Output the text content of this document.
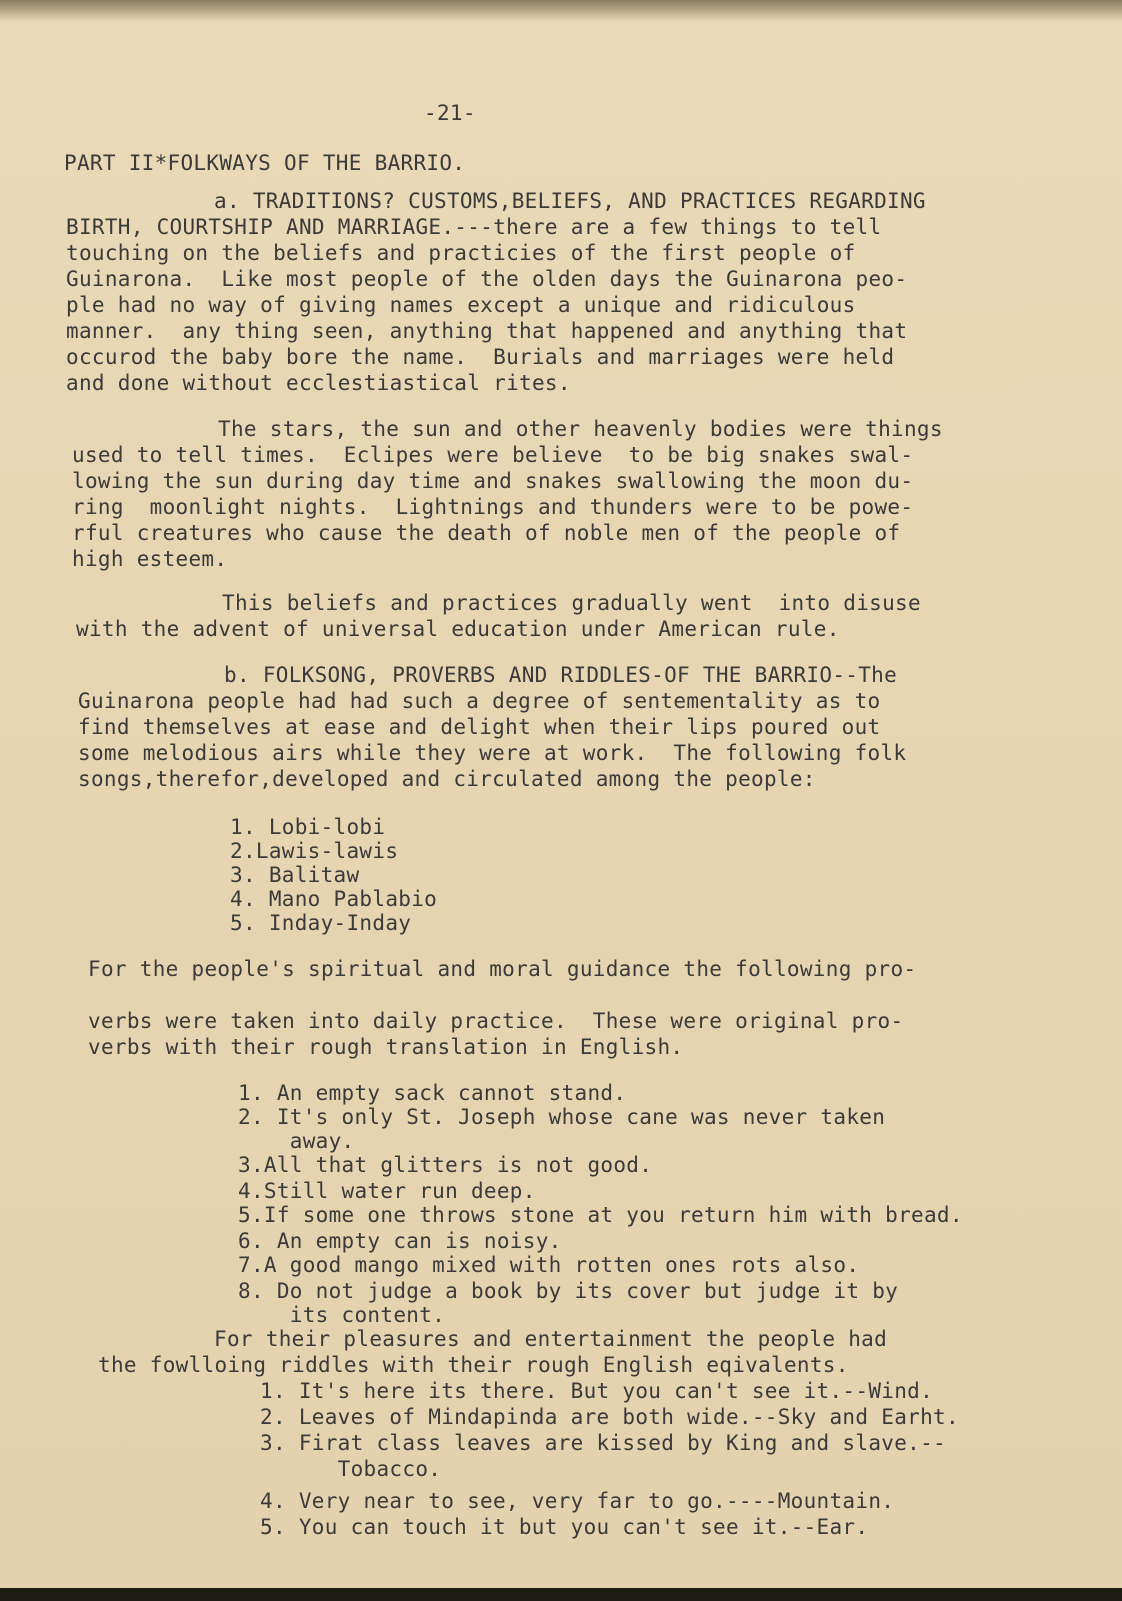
-21-
PART II*FOLKWAYS OF THE BARRIO.
a. TRADITIONS? CUSTOMS,BELIEFS, AND PRACTICES REGARDING
BIRTH, COURTSHIP AND MARRIAGE.---there are a few things to tell
touching on the beliefs and practicies of the first people of
Guinarona.  Like most people of the olden days the Guinarona peo-
ple had no way of giving names except a unique and ridiculous
manner.  any thing seen, anything that happened and anything that
occurod the baby bore the name.  Burials and marriages were held
and done without ecclestiastical rites.
The stars, the sun and other heavenly bodies were things
used to tell times.  Eclipes were believe  to be big snakes swal-
lowing the sun during day time and snakes swallowing the moon du-
ring  moonlight nights.  Lightnings and thunders were to be powe-
rful creatures who cause the death of noble men of the people of
high esteem.
This beliefs and practices gradually went  into disuse
with the advent of universal education under American rule.
b. FOLKSONG, PROVERBS AND RIDDLES-OF THE BARRIO--The
Guinarona people had had such a degree of sentementality as to
find themselves at ease and delight when their lips poured out
some melodious airs while they were at work.  The following folk
songs,therefor,developed and circulated among the people:
1. Lobi-lobi
2.Lawis-lawis
3. Balitaw
4. Mano Pablabio
5. Inday-Inday
For the people's spiritual and moral guidance the following pro-
verbs were taken into daily practice.  These were original pro-
verbs with their rough translation in English.
1. An empty sack cannot stand.
2. It's only St. Joseph whose cane was never taken
away.
3.All that glitters is not good.
4.Still water run deep.
5.If some one throws stone at you return him with bread.
6. An empty can is noisy.
7.A good mango mixed with rotten ones rots also.
8. Do not judge a book by its cover but judge it by
its content.
For their pleasures and entertainment the people had
the fowlloing riddles with their rough English eqivalents.
1. It's here its there. But you can't see it.--Wind.
2. Leaves of Mindapinda are both wide.--Sky and Earht.
3. Firat class leaves are kissed by King and slave.--
Tobacco.
4. Very near to see, very far to go.----Mountain.
5. You can touch it but you can't see it.--Ear.
